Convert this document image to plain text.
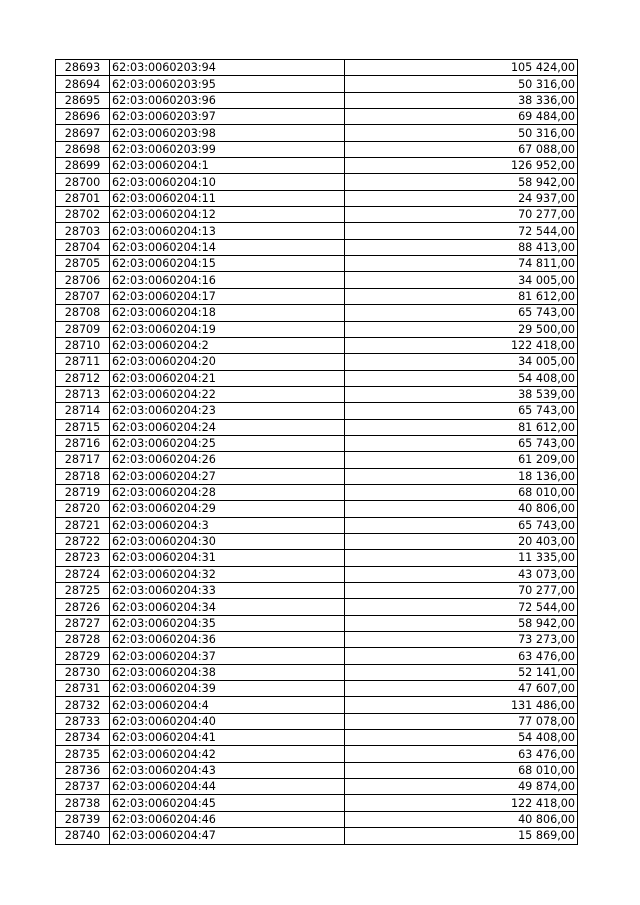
28693	62:03:0060203:94	105 424,00
28694	62:03:0060203:95	50 316,00
28695	62:03:0060203:96	38 336,00
28696	62:03:0060203:97	69 484,00
28697	62:03:0060203:98	50 316,00
28698	62:03:0060203:99	67 088,00
28699	62:03:0060204:1	126 952,00
28700	62:03:0060204:10	58 942,00
28701	62:03:0060204:11	24 937,00
28702	62:03:0060204:12	70 277,00
28703	62:03:0060204:13	72 544,00
28704	62:03:0060204:14	88 413,00
28705	62:03:0060204:15	74 811,00
28706	62:03:0060204:16	34 005,00
28707	62:03:0060204:17	81 612,00
28708	62:03:0060204:18	65 743,00
28709	62:03:0060204:19	29 500,00
28710	62:03:0060204:2	122 418,00
28711	62:03:0060204:20	34 005,00
28712	62:03:0060204:21	54 408,00
28713	62:03:0060204:22	38 539,00
28714	62:03:0060204:23	65 743,00
28715	62:03:0060204:24	81 612,00
28716	62:03:0060204:25	65 743,00
28717	62:03:0060204:26	61 209,00
28718	62:03:0060204:27	18 136,00
28719	62:03:0060204:28	68 010,00
28720	62:03:0060204:29	40 806,00
28721	62:03:0060204:3	65 743,00
28722	62:03:0060204:30	20 403,00
28723	62:03:0060204:31	11 335,00
28724	62:03:0060204:32	43 073,00
28725	62:03:0060204:33	70 277,00
28726	62:03:0060204:34	72 544,00
28727	62:03:0060204:35	58 942,00
28728	62:03:0060204:36	73 273,00
28729	62:03:0060204:37	63 476,00
28730	62:03:0060204:38	52 141,00
28731	62:03:0060204:39	47 607,00
28732	62:03:0060204:4	131 486,00
28733	62:03:0060204:40	77 078,00
28734	62:03:0060204:41	54 408,00
28735	62:03:0060204:42	63 476,00
28736	62:03:0060204:43	68 010,00
28737	62:03:0060204:44	49 874,00
28738	62:03:0060204:45	122 418,00
28739	62:03:0060204:46	40 806,00
28740	62:03:0060204:47	15 869,00
